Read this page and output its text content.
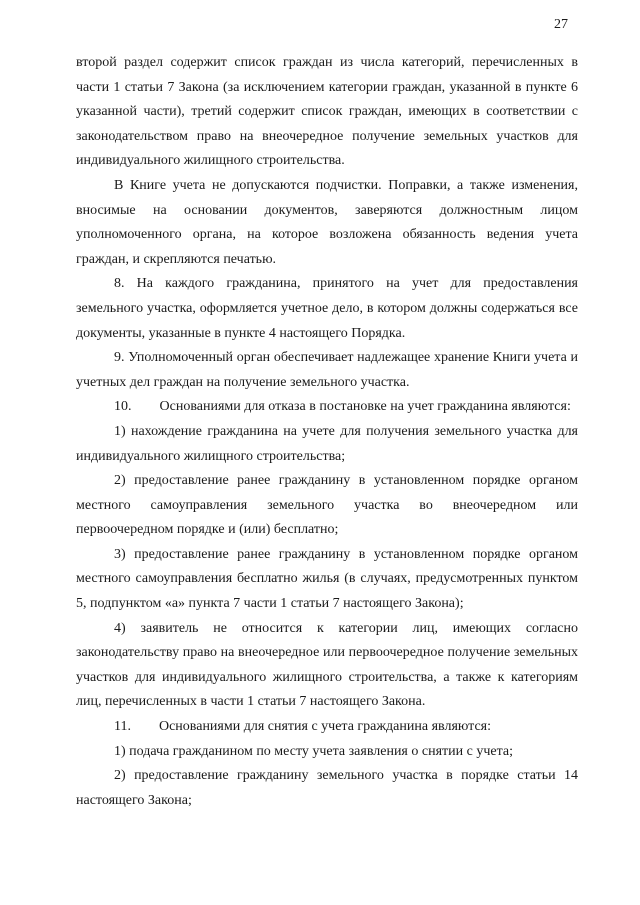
27

второй раздел содержит список граждан из числа категорий, перечисленных в части 1 статьи 7 Закона (за исключением категории граждан, указанной в пункте 6 указанной части), третий содержит список граждан, имеющих в соответствии с законодательством право на внеочередное получение земельных участков для индивидуального жилищного строительства.

В Книге учета не допускаются подчистки. Поправки, а также изменения, вносимые на основании документов, заверяются должностным лицом уполномоченного органа, на которое возложена обязанность ведения учета граждан, и скрепляются печатью.

8. На каждого гражданина, принятого на учет для предоставления земельного участка, оформляется учетное дело, в котором должны содержаться все документы, указанные в пункте 4 настоящего Порядка.

9. Уполномоченный орган обеспечивает надлежащее хранение Книги учета и учетных дел граждан на получение земельного участка.

10. Основаниями для отказа в постановке на учет гражданина являются:

1) нахождение гражданина на учете для получения земельного участка для индивидуального жилищного строительства;

2) предоставление ранее гражданину в установленном порядке органом местного самоуправления земельного участка во внеочередном или первоочередном порядке и (или) бесплатно;

3) предоставление ранее гражданину в установленном порядке органом местного самоуправления бесплатно жилья (в случаях, предусмотренных пунктом 5, подпунктом «а» пункта 7 части 1 статьи 7 настоящего Закона);

4) заявитель не относится к категории лиц, имеющих согласно законодательству право на внеочередное или первоочередное получение земельных участков для индивидуального жилищного строительства, а также к категориям лиц, перечисленных в части 1 статьи 7 настоящего Закона.

11. Основаниями для снятия с учета гражданина являются:

1) подача гражданином по месту учета заявления о снятии с учета;

2) предоставление гражданину земельного участка в порядке статьи 14 настоящего Закона;
